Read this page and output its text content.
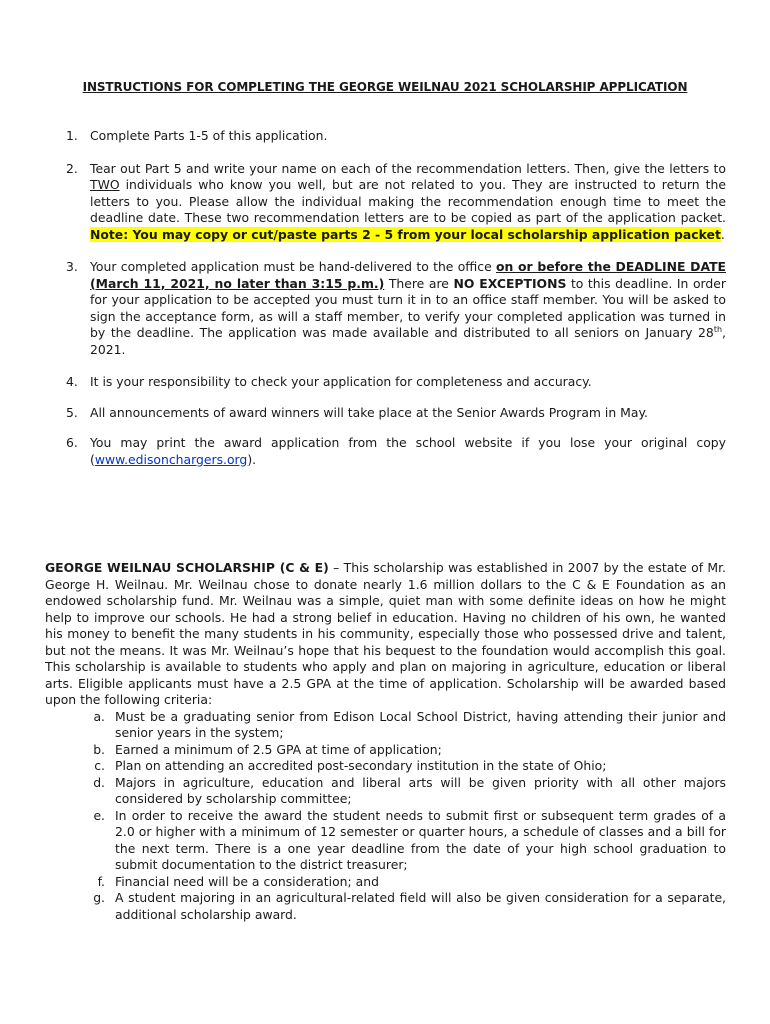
INSTRUCTIONS FOR COMPLETING THE GEORGE WEILNAU 2021 SCHOLARSHIP APPLICATION
1. Complete Parts 1-5 of this application.
2. Tear out Part 5 and write your name on each of the recommendation letters. Then, give the letters to TWO individuals who know you well, but are not related to you. They are instructed to return the letters to you. Please allow the individual making the recommendation enough time to meet the deadline date. These two recommendation letters are to be copied as part of the application packet. Note: You may copy or cut/paste parts 2 - 5 from your local scholarship application packet.
3. Your completed application must be hand-delivered to the office on or before the DEADLINE DATE (March 11, 2021, no later than 3:15 p.m.) There are NO EXCEPTIONS to this deadline. In order for your application to be accepted you must turn it in to an office staff member. You will be asked to sign the acceptance form, as will a staff member, to verify your completed application was turned in by the deadline. The application was made available and distributed to all seniors on January 28th, 2021.
4. It is your responsibility to check your application for completeness and accuracy.
5. All announcements of award winners will take place at the Senior Awards Program in May.
6. You may print the award application from the school website if you lose your original copy (www.edisonchargers.org).
GEORGE WEILNAU SCHOLARSHIP (C & E) – This scholarship was established in 2007 by the estate of Mr. George H. Weilnau. Mr. Weilnau chose to donate nearly 1.6 million dollars to the C & E Foundation as an endowed scholarship fund. Mr. Weilnau was a simple, quiet man with some definite ideas on how he might help to improve our schools. He had a strong belief in education. Having no children of his own, he wanted his money to benefit the many students in his community, especially those who possessed drive and talent, but not the means. It was Mr. Weilnau’s hope that his bequest to the foundation would accomplish this goal. This scholarship is available to students who apply and plan on majoring in agriculture, education or liberal arts. Eligible applicants must have a 2.5 GPA at the time of application. Scholarship will be awarded based upon the following criteria:
a. Must be a graduating senior from Edison Local School District, having attending their junior and senior years in the system;
b. Earned a minimum of 2.5 GPA at time of application;
c. Plan on attending an accredited post-secondary institution in the state of Ohio;
d. Majors in agriculture, education and liberal arts will be given priority with all other majors considered by scholarship committee;
e. In order to receive the award the student needs to submit first or subsequent term grades of a 2.0 or higher with a minimum of 12 semester or quarter hours, a schedule of classes and a bill for the next term. There is a one year deadline from the date of your high school graduation to submit documentation to the district treasurer;
f. Financial need will be a consideration; and
g. A student majoring in an agricultural-related field will also be given consideration for a separate, additional scholarship award.
